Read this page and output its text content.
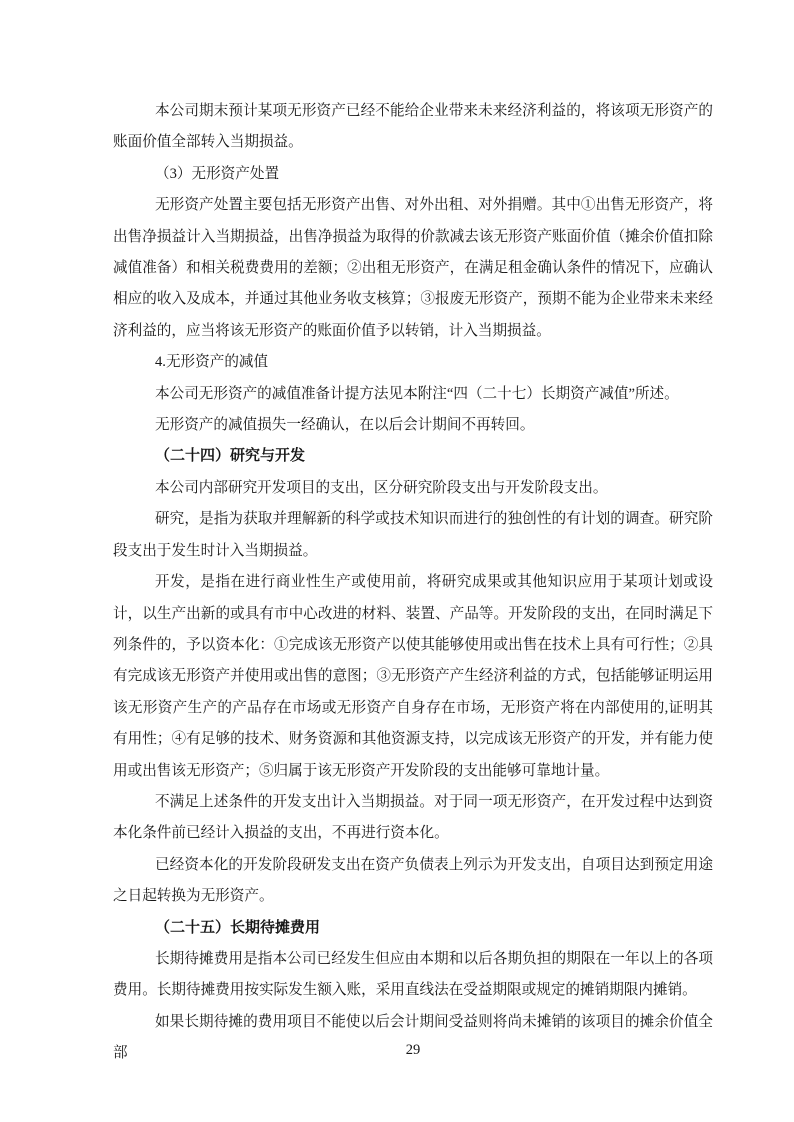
本公司期末预计某项无形资产已经不能给企业带来未来经济利益的，将该项无形资产的账面价值全部转入当期损益。

（3）无形资产处置

无形资产处置主要包括无形资产出售、对外出租、对外捐赠。其中①出售无形资产，将出售净损益计入当期损益，出售净损益为取得的价款减去该无形资产账面价值（摊余价值扣除减值准备）和相关税费费用的差额；②出租无形资产，在满足租金确认条件的情况下，应确认相应的收入及成本，并通过其他业务收支核算；③报废无形资产，预期不能为企业带来未来经济利益的，应当将该无形资产的账面价值予以转销，计入当期损益。

4.无形资产的减值

本公司无形资产的减值准备计提方法见本附注“四（二十七）长期资产减值”所述。

无形资产的减值损失一经确认，在以后会计期间不再转回。

（二十四）研究与开发

本公司内部研究开发项目的支出，区分研究阶段支出与开发阶段支出。

研究，是指为获取并理解新的科学或技术知识而进行的独创性的有计划的调查。研究阶段支出于发生时计入当期损益。

开发，是指在进行商业性生产或使用前，将研究成果或其他知识应用于某项计划或设计，以生产出新的或具有市中心改进的材料、装置、产品等。开发阶段的支出，在同时满足下列条件的，予以资本化：①完成该无形资产以使其能够使用或出售在技术上具有可行性；②具有完成该无形资产并使用或出售的意图；③无形资产产生经济利益的方式，包括能够证明运用该无形资产生产的产品存在市场或无形资产自身存在市场，无形资产将在内部使用的,证明其有用性；④有足够的技术、财务资源和其他资源支持，以完成该无形资产的开发，并有能力使用或出售该无形资产；⑤归属于该无形资产开发阶段的支出能够可靠地计量。

不满足上述条件的开发支出计入当期损益。对于同一项无形资产，在开发过程中达到资本化条件前已经计入损益的支出，不再进行资本化。

已经资本化的开发阶段研发支出在资产负债表上列示为开发支出，自项目达到预定用途之日起转换为无形资产。

（二十五）长期待摊费用

长期待摊费用是指本公司已经发生但应由本期和以后各期负担的期限在一年以上的各项费用。长期待摊费用按实际发生额入账，采用直线法在受益期限或规定的摊销期限内摊销。

如果长期待摊的费用项目不能使以后会计期间受益则将尚未摊销的该项目的摊余价值全部	29
